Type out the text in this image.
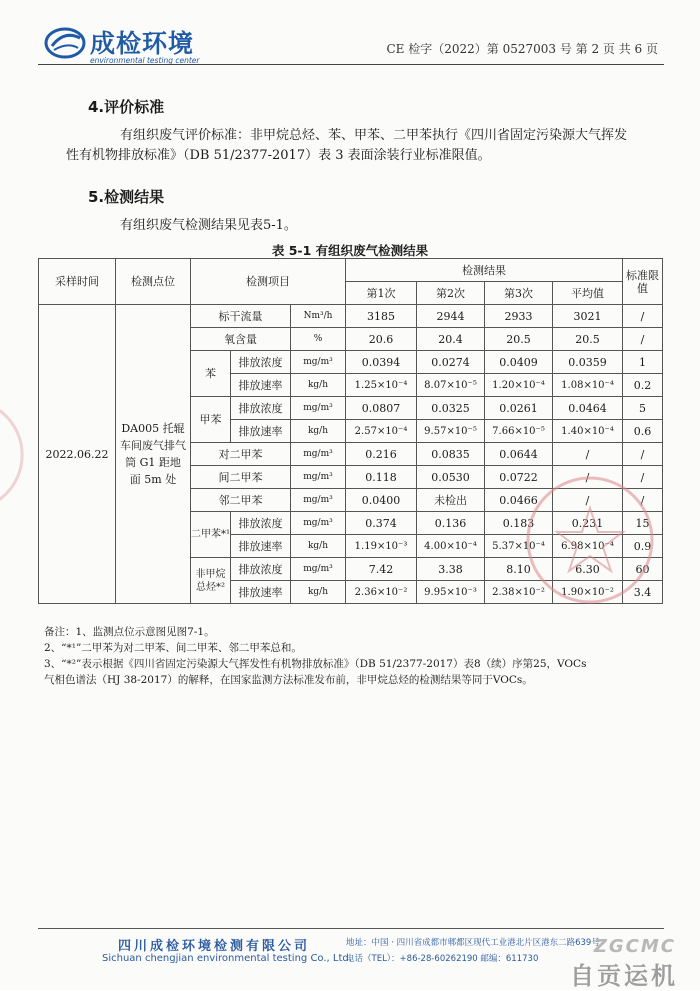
成检环境
environmental testing center
CE 检字（2022）第 0527003 号 第 2 页 共 6 页
4.评价标准
有组织废气评价标准：非甲烷总烃、苯、甲苯、二甲苯执行《四川省固定污染源大气挥发性有机物排放标准》（DB 51/2377-2017）表 3 表面涂装行业标准限值。
5.检测结果
有组织废气检测结果见表5-1。
表 5-1 有组织废气检测结果
采样时间	检测点位	检测项目			检测结果				标准限值
					第1次	第2次	第3次	平均值	
2022.06.22	DA005 托辊车间废气排气筒 G1 距地面 5m 处	标干流量		Nm³/h	3185	2944	2933	3021	/
		氧含量		%	20.6	20.4	20.5	20.5	/
		苯	排放浓度	mg/m³	0.0394	0.0274	0.0409	0.0359	1
			排放速率	kg/h	1.25×10⁻⁴	8.07×10⁻⁵	1.20×10⁻⁴	1.08×10⁻⁴	0.2
		甲苯	排放浓度	mg/m³	0.0807	0.0325	0.0261	0.0464	5
			排放速率	kg/h	2.57×10⁻⁴	9.57×10⁻⁵	7.66×10⁻⁵	1.40×10⁻⁴	0.6
		对二甲苯		mg/m³	0.216	0.0835	0.0644	/	/
		间二甲苯		mg/m³	0.118	0.0530	0.0722	/	/
		邻二甲苯		mg/m³	0.0400	未检出	0.0466	/	/
		二甲苯*¹	排放浓度	mg/m³	0.374	0.136	0.183	0.231	15
			排放速率	kg/h	1.19×10⁻³	4.00×10⁻⁴	5.37×10⁻⁴	6.98×10⁻⁴	0.9
		非甲烷总烃*²	排放浓度	mg/m³	7.42	3.38	8.10	6.30	60
			排放速率	kg/h	2.36×10⁻²	9.95×10⁻³	2.38×10⁻²	1.90×10⁻²	3.4
备注：1、监测点位示意图见图7-1。
2、“*¹”二甲苯为对二甲苯、间二甲苯、邻二甲苯总和。
3、“*²”表示根据《四川省固定污染源大气挥发性有机物排放标准》（DB 51/2377-2017）表8（续）序第25，VOCs
气相色谱法（HJ 38-2017）的解释，在国家监测方法标准发布前，非甲烷总烃的检测结果等同于VOCs。
四川成检环境检测有限公司
Sichuan chengjian environmental testing Co., Ltd.
地址：中国 · 四川省成都市郫都区现代工业港北片区港东二路639号
电话（TEL）：+86-28-60262190 邮编：611730
ZGCMC
自贡运机
